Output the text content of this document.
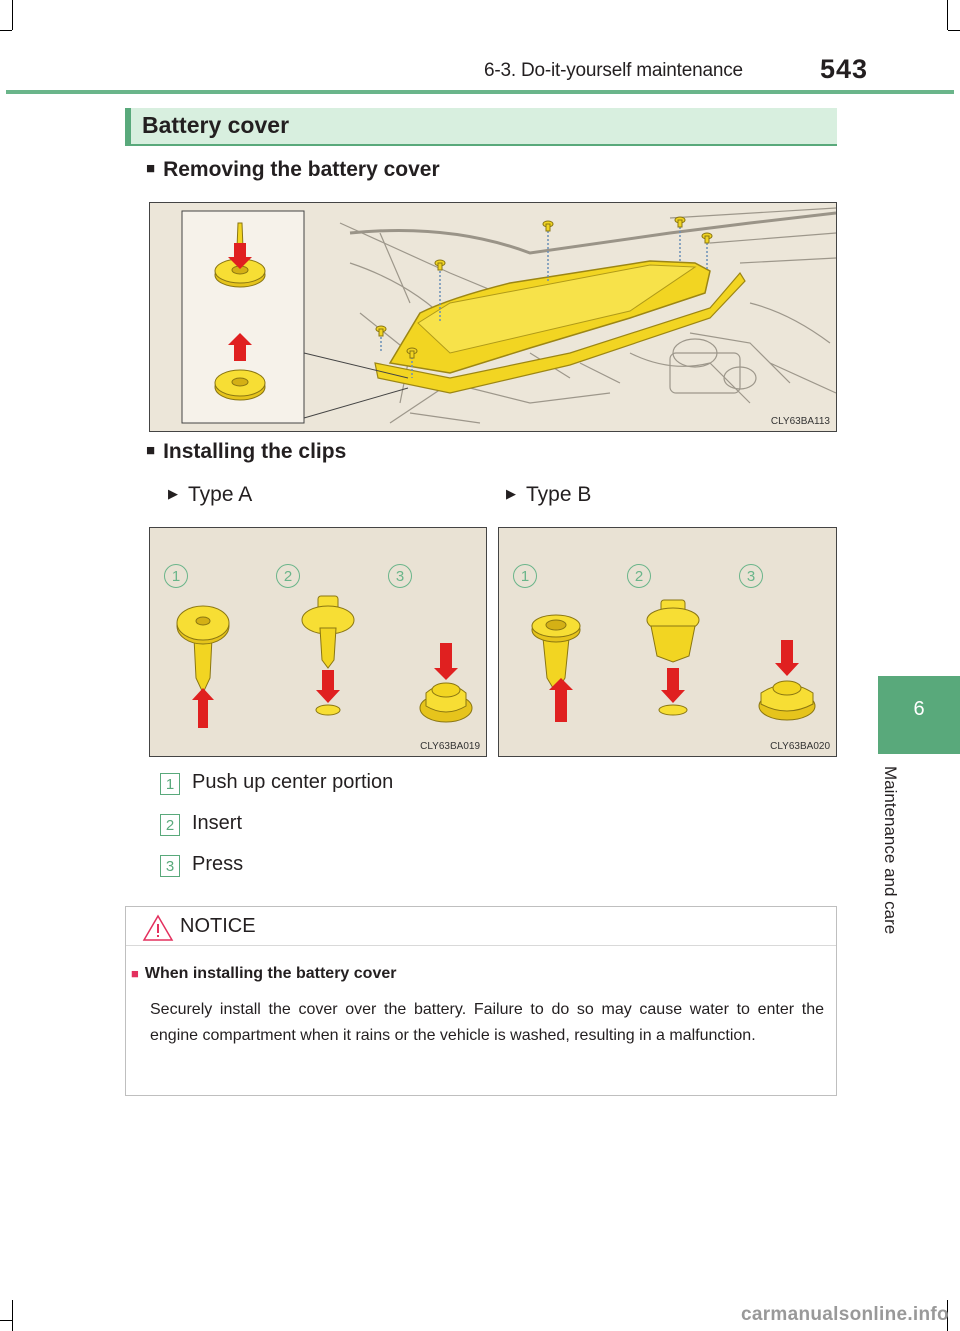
6-3. Do-it-yourself maintenance	543
6
Maintenance and care
Battery cover
■ Removing the battery cover
CLY63BA113
■ Installing the clips
▶ Type A	▶ Type B
1	2	3
CLY63BA019
1	2	3
CLY63BA020
1 Push up center portion
2 Insert
3 Press
NOTICE
■ When installing the battery cover
Securely install the cover over the battery. Failure to do so may cause water to enter the engine compartment when it rains or the vehicle is washed, resulting in a malfunction.
carmanualsonline.info
